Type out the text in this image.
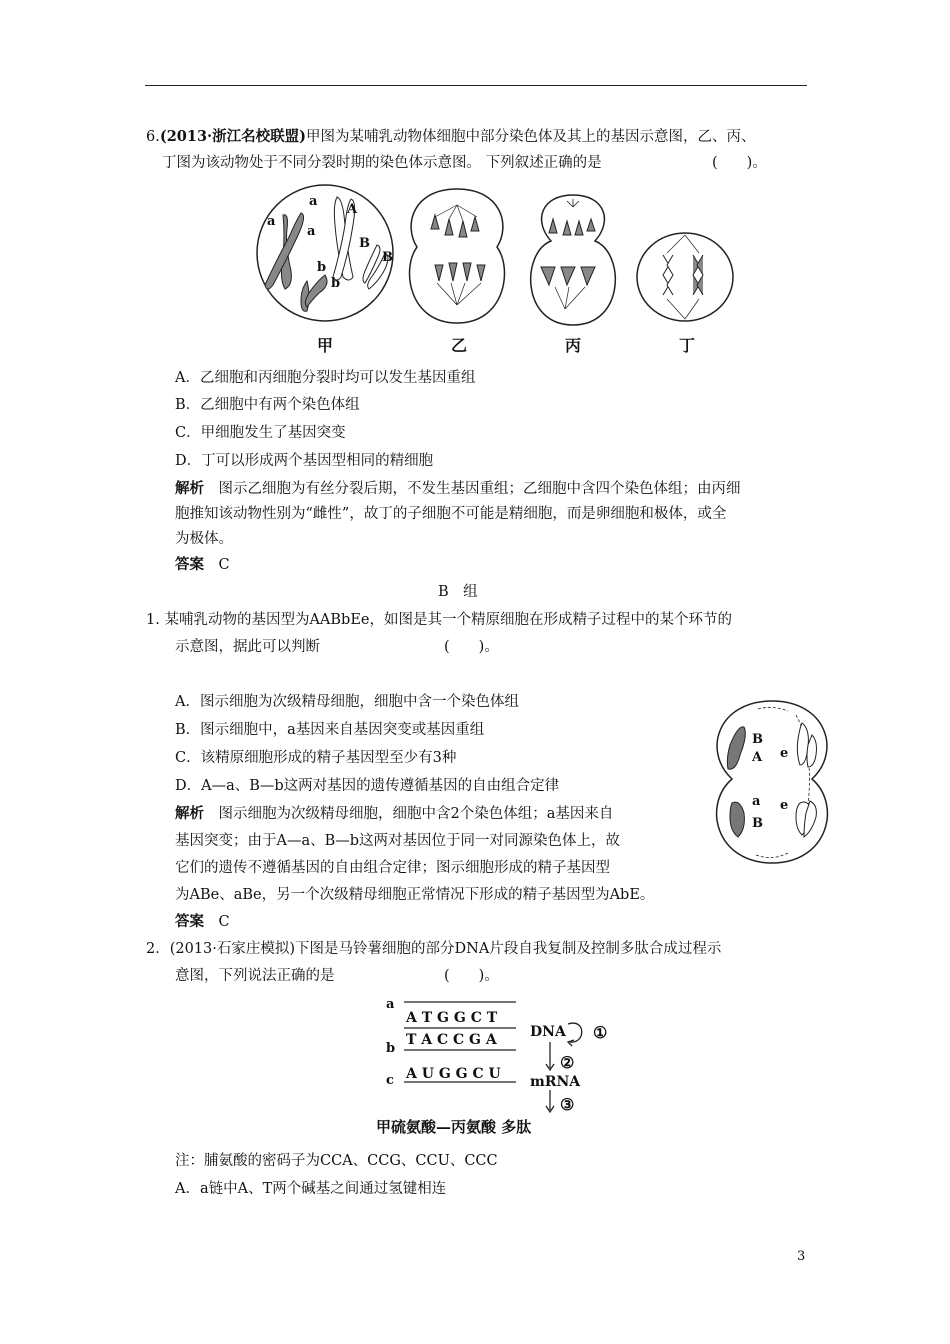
6.(2013·浙江名校联盟)甲图为某哺乳动物体细胞中部分染色体及其上的基因示意图，乙、丙、
丁图为该动物处于不同分裂时期的染色体示意图。 下列叙述正确的是	(　　)。
a
a
a
A
B
B
b
b
甲	乙	丙	丁
A．乙细胞和丙细胞分裂时均可以发生基因重组
B．乙细胞中有两个染色体组
C．甲细胞发生了基因突变
D．丁可以形成两个基因型相同的精细胞
解析　 图示乙细胞为有丝分裂后期，不发生基因重组；乙细胞中含四个染色体组；由丙细
胞推知该动物性别为“雌性”，故丁的子细胞不可能是精细胞，而是卵细胞和极体，或全
为极体。
答案　 C
B　组
1. 某哺乳动物的基因型为AABbEe，如图是其一个精原细胞在形成精子过程中的某个环节的
示意图，据此可以判断	(　　)。
A．图示细胞为次级精母细胞，细胞中含一个染色体组
B．图示细胞中，a基因来自基因突变或基因重组
C．该精原细胞形成的精子基因型至少有3种
D．A—a、B—b这两对基因的遗传遵循基因的自由组合定律
解析　 图示细胞为次级精母细胞，细胞中含2个染色体组；a基因来自
基因突变；由于A—a、B—b这两对基因位于同一对同源染色体上，故
它们的遗传不遵循基因的自由组合定律；图示细胞形成的精子基因型
为ABe、aBe，另一个次级精母细胞正常情况下形成的精子基因型为AbE。
答案　 C
B
A e
a
B
e
2．(2013·石家庄模拟)下图是马铃薯细胞的部分DNA片段自我复制及控制多肽合成过程示
意图，下列说法正确的是	(　　)。
a
A T G G C T
b
T A C C G A
c A U G G C U
DNA
mRNA
①
②
③
甲硫氨酸—丙氨酸 多肽
注：脯氨酸的密码子为CCA、CCG、CCU、CCC
A．a链中A、T两个碱基之间通过氢键相连
3
